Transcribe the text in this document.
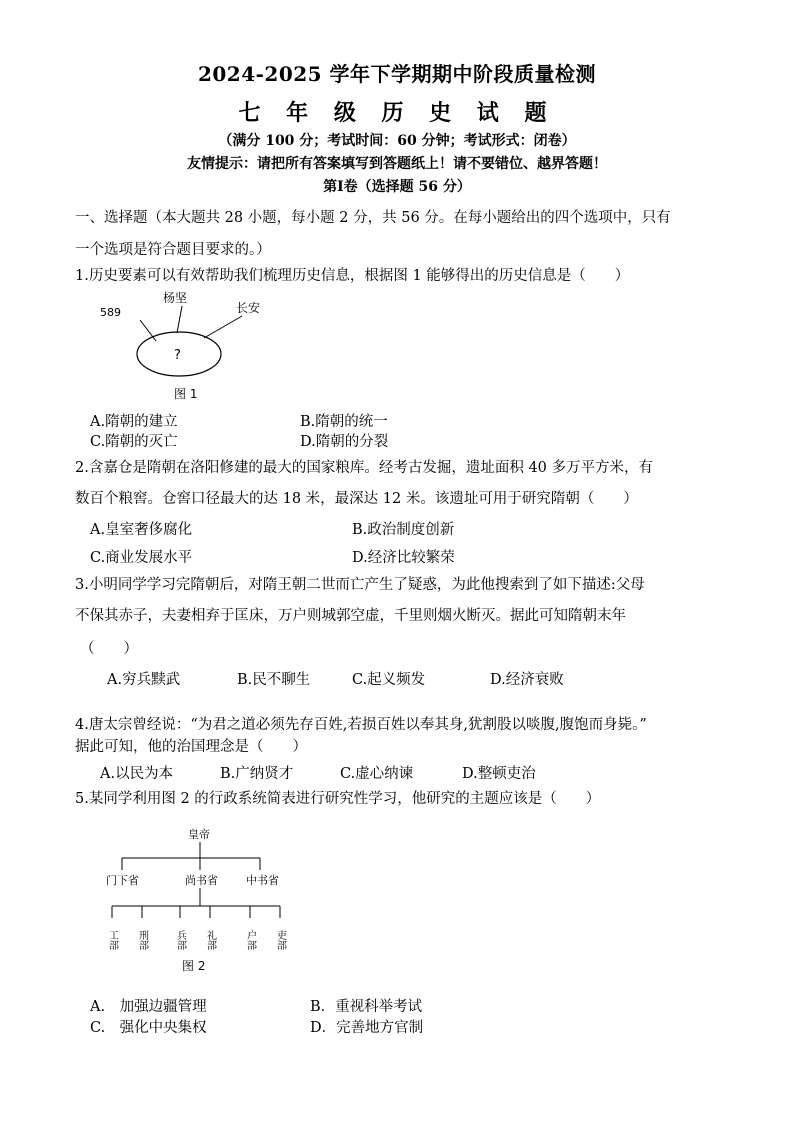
2024-2025 学年下学期期中阶段质量检测
七 年 级 历 史 试 题
（满分 100 分；考试时间：60 分钟；考试形式：闭卷）
友情提示：请把所有答案填写到答题纸上！请不要错位、越界答题！
第Ⅰ卷（选择题 56 分）
一、选择题（本大题共 28 小题，每小题 2 分，共 56 分。在每小题给出的四个选项中，只有
一个选项是符合题目要求的。）
1.历史要素可以有效帮助我们梳理历史信息，根据图 1 能够得出的历史信息是（　　）
589
杨坚
长安
?
图 1
A.隋朝的建立	B.隋朝的统一
C.隋朝的灭亡	D.隋朝的分裂
2.含嘉仓是隋朝在洛阳修建的最大的国家粮库。经考古发掘，遗址面积 40 多万平方米，有
数百个粮窖。仓窖口径最大的达 18 米，最深达 12 米。该遗址可用于研究隋朝（　　）
A.皇室奢侈腐化	B.政治制度创新
C.商业发展水平	D.经济比较繁荣
3.小明同学学习完隋朝后，对隋王朝二世而亡产生了疑惑，为此他搜索到了如下描述:父母
不保其赤子，夫妻相弃于匡床，万户则城郭空虚，千里则烟火断灭。据此可知隋朝末年
（　　）
A.穷兵黩武	B.民不聊生	C.起义频发	D.经济衰败
4.唐太宗曾经说：“为君之道必须先存百姓,若损百姓以奉其身,犹割股以啖腹,腹饱而身毙。”
据此可知，他的治国理念是（　　）
A.以民为本	B.广纳贤才	C.虚心纳谏	D.整顿吏治
5.某同学利用图 2 的行政系统简表进行研究性学习，他研究的主题应该是（　　）
皇帝
门下省	尚书省	中书省
工部 刑部	兵部 礼部	户部 吏部
图 2
A.　加强边疆管理	B．重视科举考试
C.　强化中央集权	D．完善地方官制
